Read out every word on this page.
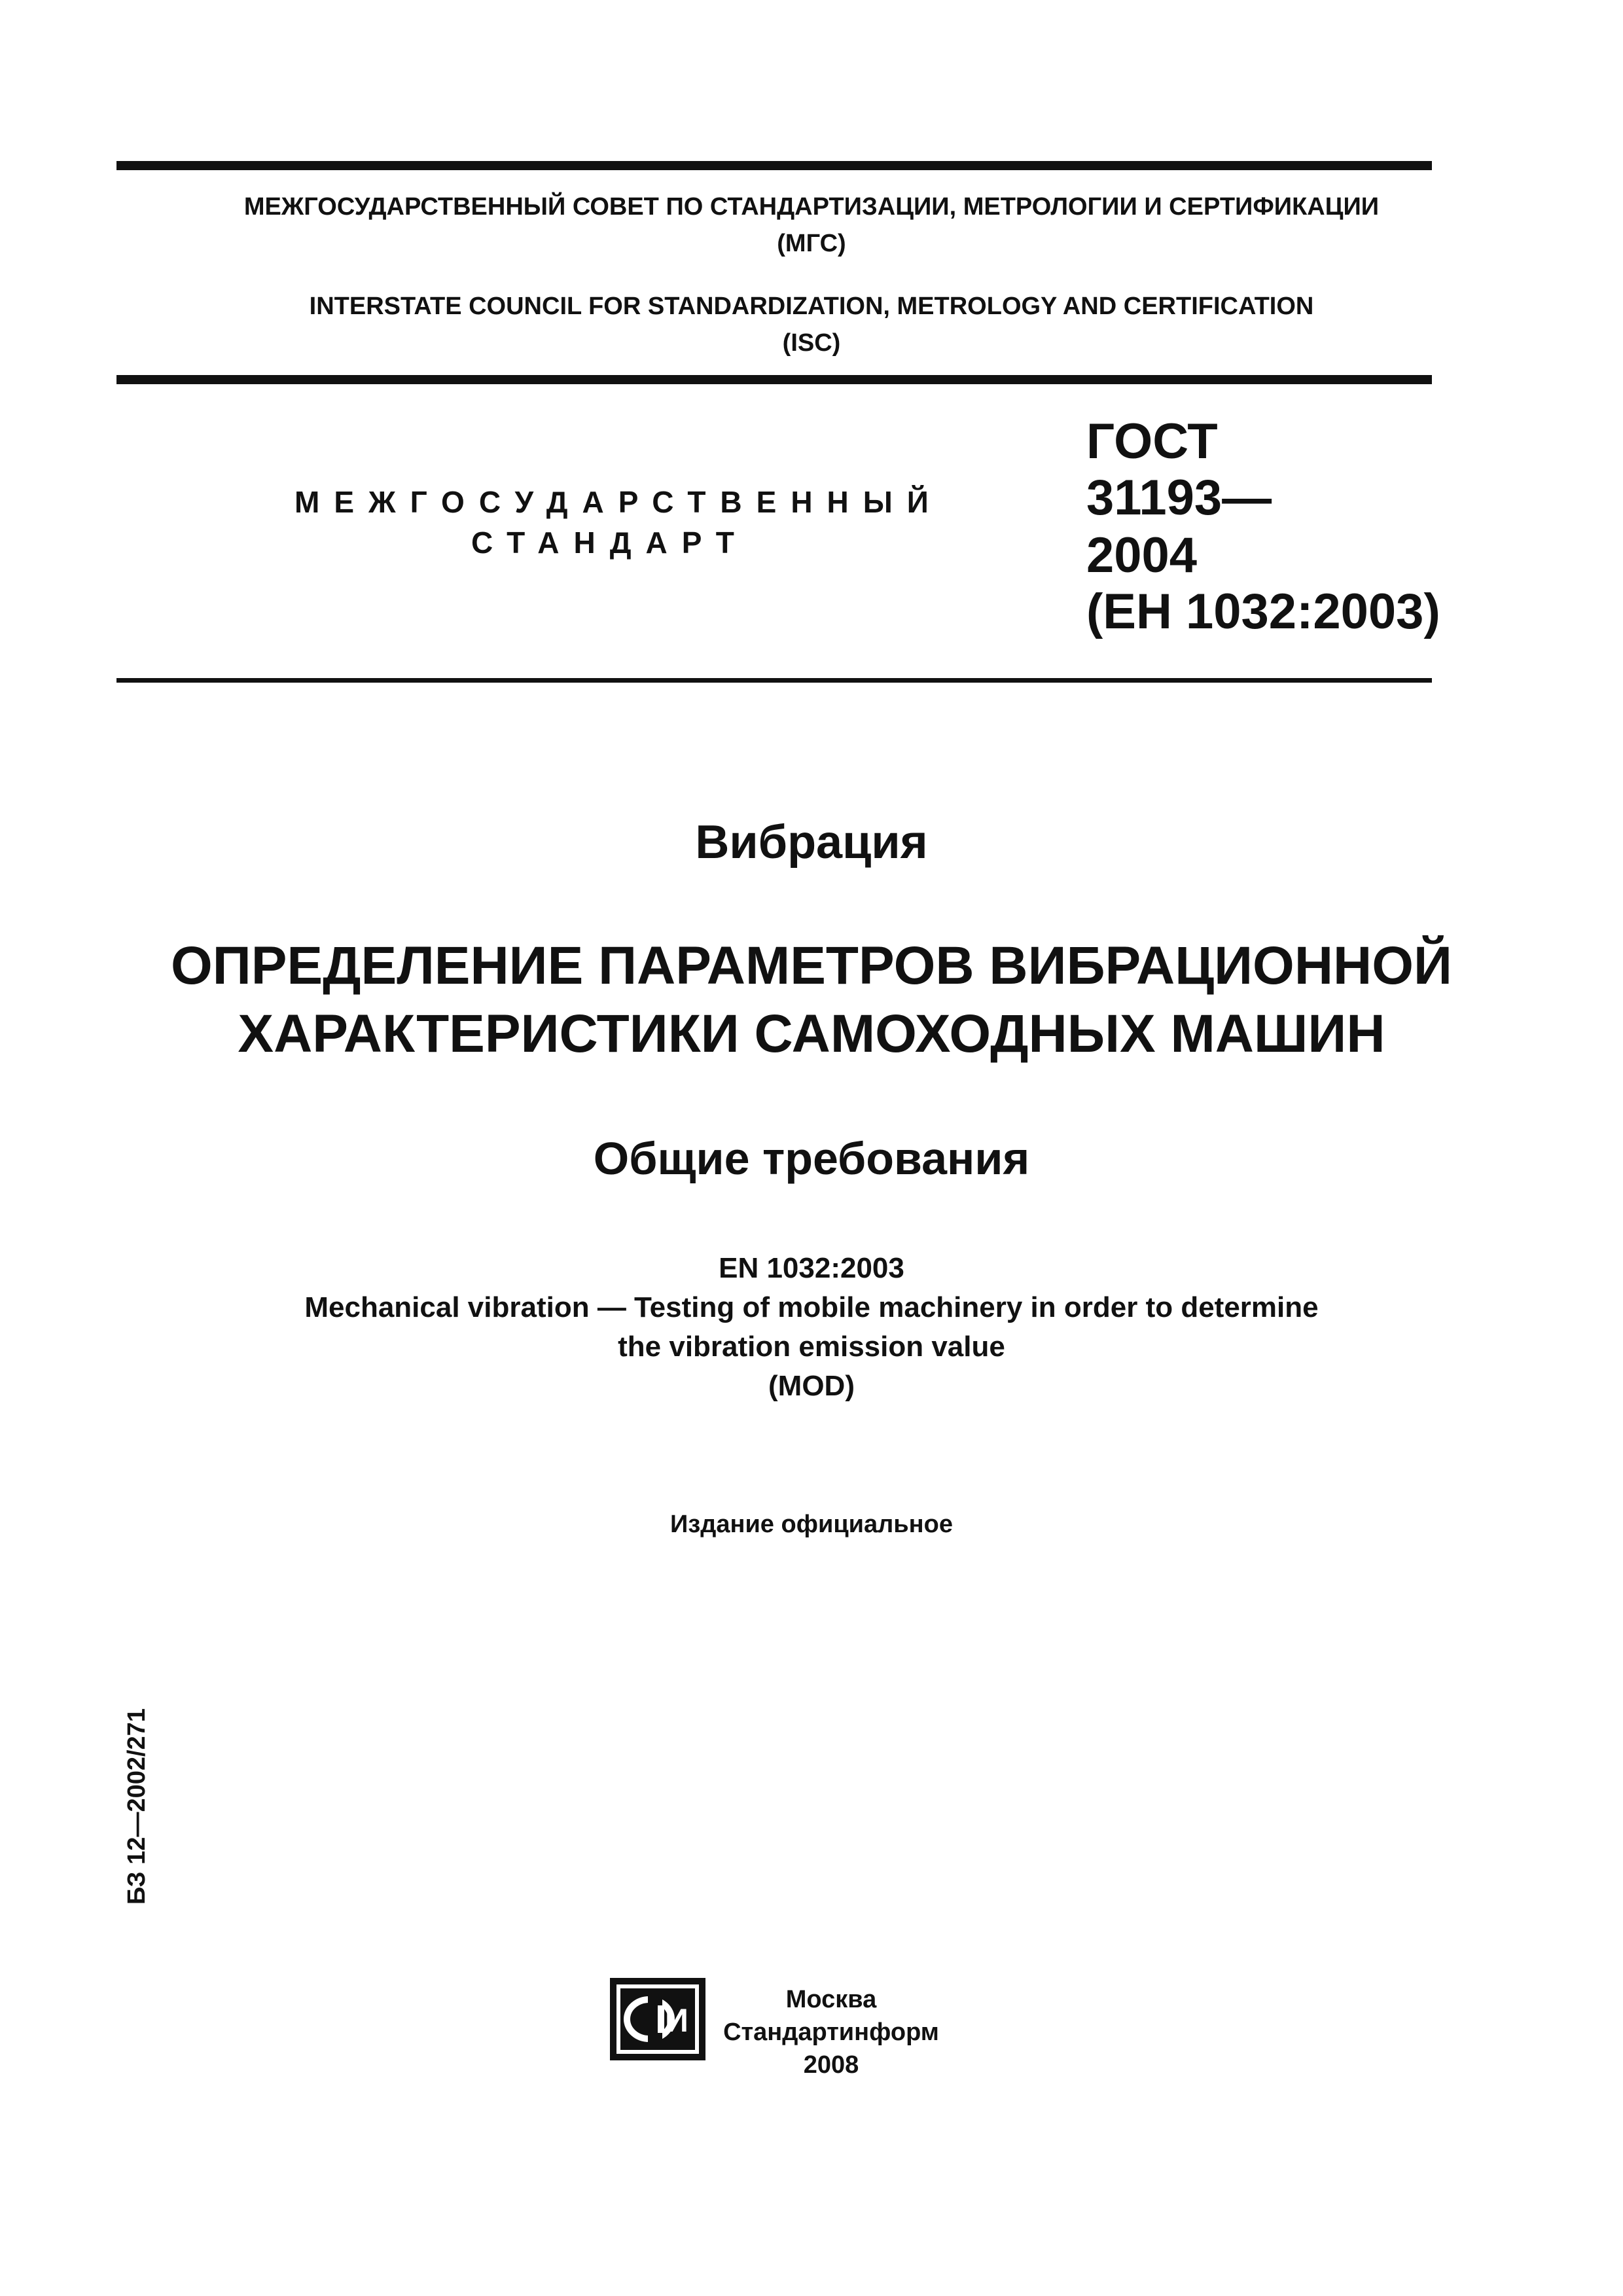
МЕЖГОСУДАРСТВЕННЫЙ СОВЕТ ПО СТАНДАРТИЗАЦИИ, МЕТРОЛОГИИ И СЕРТИФИКАЦИИ
(МГС)
INTERSTATE COUNCIL FOR STANDARDIZATION, METROLOGY AND CERTIFICATION
(ISC)
МЕЖГОСУДАРСТВЕННЫЙ
СТАНДАРТ
ГОСТ
31193—
2004
(ЕН 1032:2003)
Вибрация
ОПРЕДЕЛЕНИЕ ПАРАМЕТРОВ ВИБРАЦИОННОЙ
ХАРАКТЕРИСТИКИ САМОХОДНЫХ МАШИН
Общие требования
EN 1032:2003
Mechanical vibration — Testing of mobile machinery in order to determine
the vibration emission value
(MOD)
Издание официальное
БЗ 12—2002/271
И
Москва
Стандартинформ
2008
